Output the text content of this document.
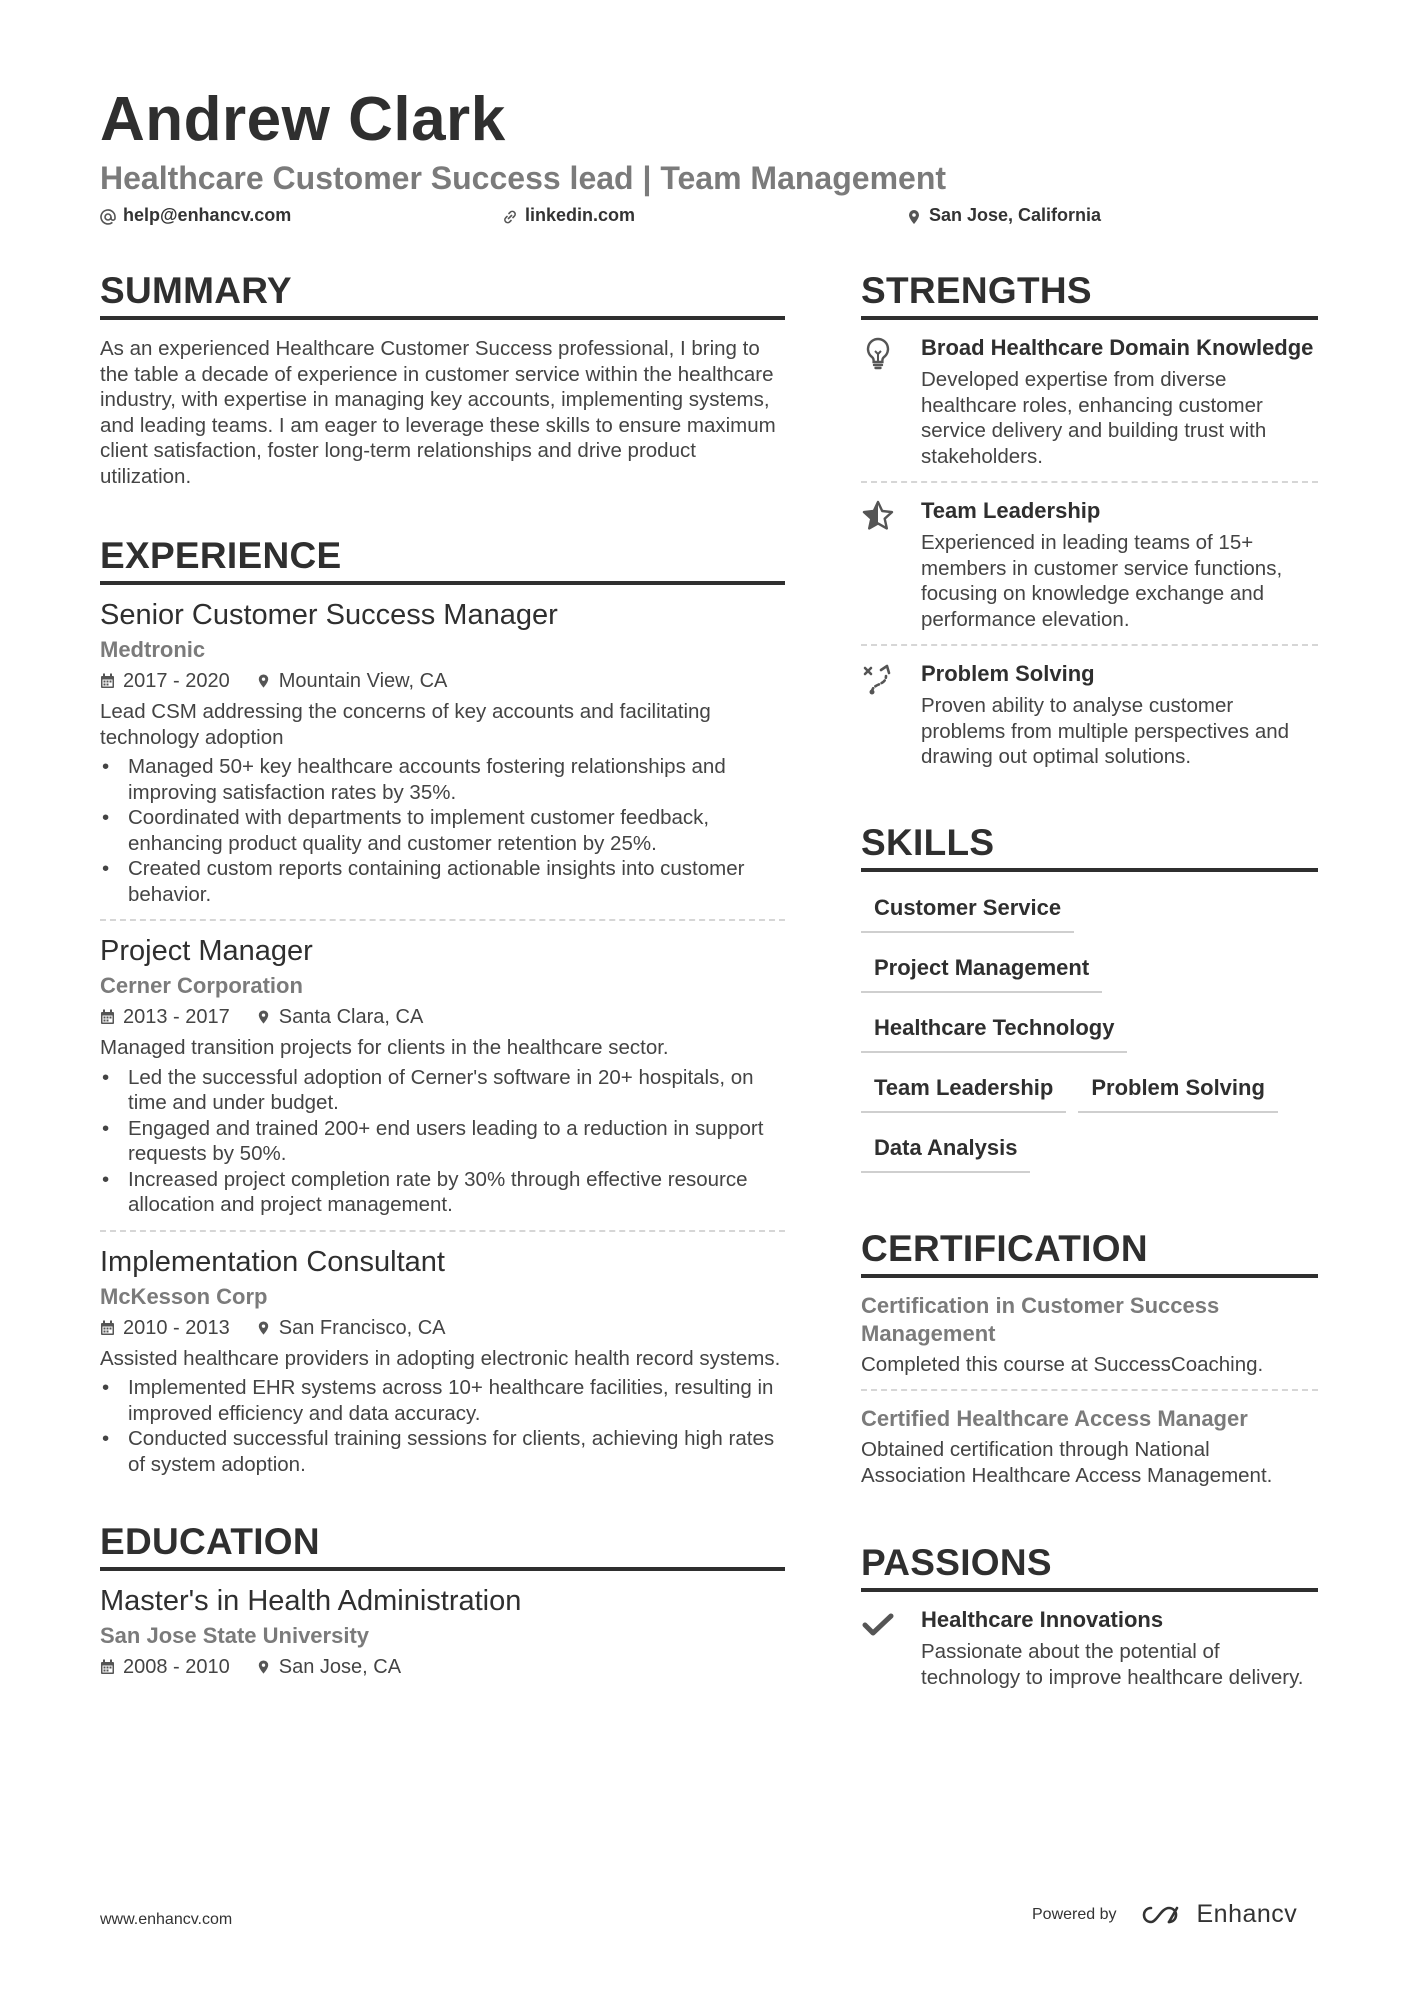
Andrew Clark
Healthcare Customer Success lead | Team Management
help@enhancv.com	linkedin.com	San Jose, California
SUMMARY
As an experienced Healthcare Customer Success professional, I bring to the table a decade of experience in customer service within the healthcare industry, with expertise in managing key accounts, implementing systems, and leading teams. I am eager to leverage these skills to ensure maximum client satisfaction, foster long-term relationships and drive product utilization.
EXPERIENCE
Senior Customer Success Manager
Medtronic
2017 - 2020 Mountain View, CA
Lead CSM addressing the concerns of key accounts and facilitating technology adoption
• Managed 50+ key healthcare accounts fostering relationships and improving satisfaction rates by 35%.
• Coordinated with departments to implement customer feedback, enhancing product quality and customer retention by 25%.
• Created custom reports containing actionable insights into customer behavior.
Project Manager
Cerner Corporation
2013 - 2017 Santa Clara, CA
Managed transition projects for clients in the healthcare sector.
• Led the successful adoption of Cerner's software in 20+ hospitals, on time and under budget.
• Engaged and trained 200+ end users leading to a reduction in support requests by 50%.
• Increased project completion rate by 30% through effective resource allocation and project management.
Implementation Consultant
McKesson Corp
2010 - 2013 San Francisco, CA
Assisted healthcare providers in adopting electronic health record systems.
• Implemented EHR systems across 10+ healthcare facilities, resulting in improved efficiency and data accuracy.
• Conducted successful training sessions for clients, achieving high rates of system adoption.
EDUCATION
Master's in Health Administration
San Jose State University
2008 - 2010 San Jose, CA
STRENGTHS
Broad Healthcare Domain Knowledge
Developed expertise from diverse healthcare roles, enhancing customer service delivery and building trust with stakeholders.
Team Leadership
Experienced in leading teams of 15+ members in customer service functions, focusing on knowledge exchange and performance elevation.
Problem Solving
Proven ability to analyse customer problems from multiple perspectives and drawing out optimal solutions.
SKILLS
Customer Service
Project Management
Healthcare Technology
Team Leadership	Problem Solving
Data Analysis
CERTIFICATION
Certification in Customer Success Management
Completed this course at SuccessCoaching.
Certified Healthcare Access Manager
Obtained certification through National Association Healthcare Access Management.
PASSIONS
Healthcare Innovations
Passionate about the potential of technology to improve healthcare delivery.
www.enhancv.com	Powered by	Enhancv
